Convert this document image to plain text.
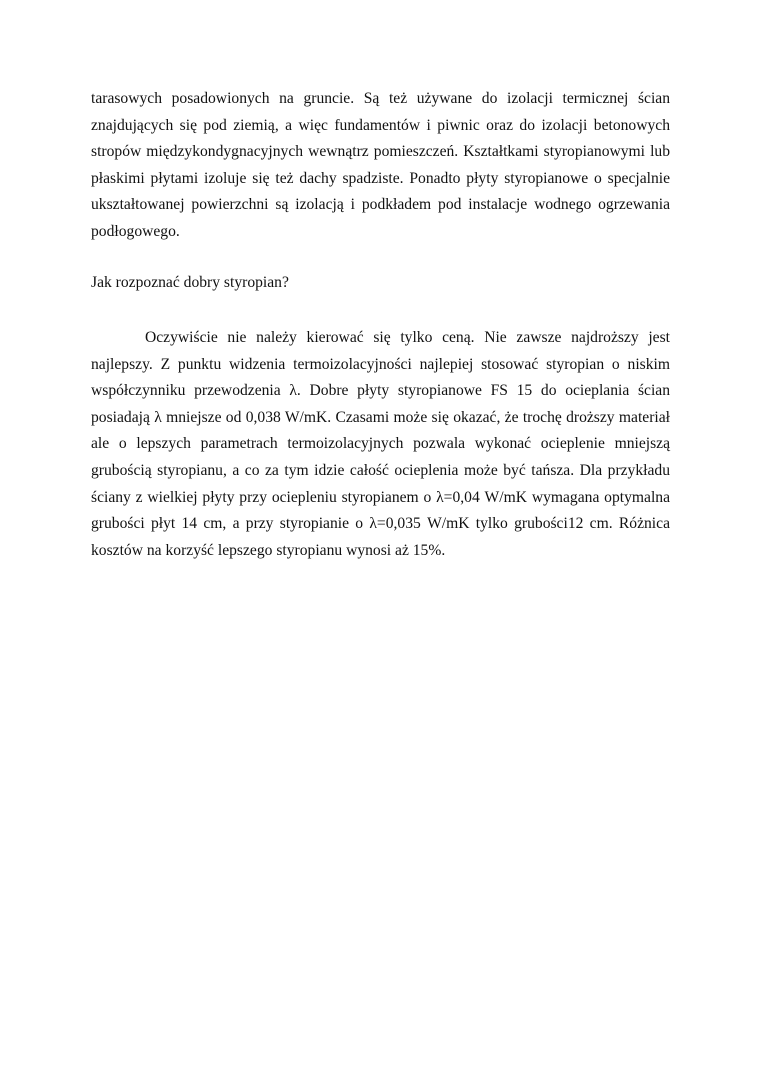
tarasowych posadowionych na gruncie. Są też używane do izolacji termicznej ścian znajdujących się pod ziemią, a więc fundamentów i piwnic oraz do izolacji betonowych stropów międzykondygnacyjnych wewnątrz pomieszczeń. Kształtkami styropianowymi lub płaskimi płytami izoluje się też dachy spadziste. Ponadto płyty styropianowe o specjalnie ukształtowanej powierzchni są izolacją i podkładem pod instalacje wodnego ogrzewania podłogowego.

Jak rozpoznać dobry styropian?

Oczywiście nie należy kierować się tylko ceną. Nie zawsze najdroższy jest najlepszy. Z punktu widzenia termoizolacyjności najlepiej stosować styropian o niskim współczynniku przewodzenia λ. Dobre płyty styropianowe FS 15 do ocieplania ścian posiadają λ mniejsze od 0,038 W/mK. Czasami może się okazać, że trochę droższy materiał ale o lepszych parametrach termoizolacyjnych pozwala wykonać ocieplenie mniejszą grubością styropianu, a co za tym idzie całość ocieplenia może być tańsza. Dla przykładu ściany z wielkiej płyty przy ociepleniu styropianem o λ=0,04 W/mK wymagana optymalna grubości płyt 14 cm, a przy styropianie o λ=0,035 W/mK tylko grubości12 cm. Różnica kosztów na korzyść lepszego styropianu wynosi aż 15%.
